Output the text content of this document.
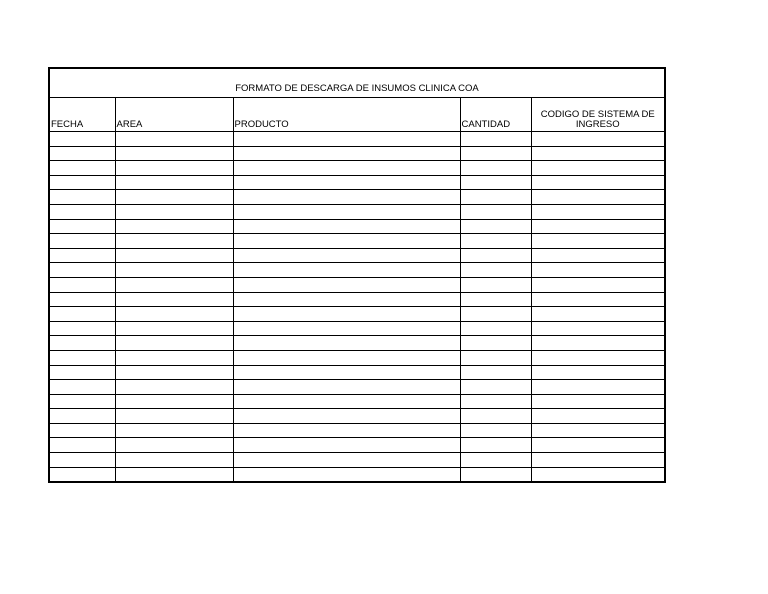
FORMATO DE DESCARGA DE INSUMOS CLINICA COA
FECHA	AREA	PRODUCTO	CANTIDAD	CODIGO DE SISTEMA DE INGRESO
